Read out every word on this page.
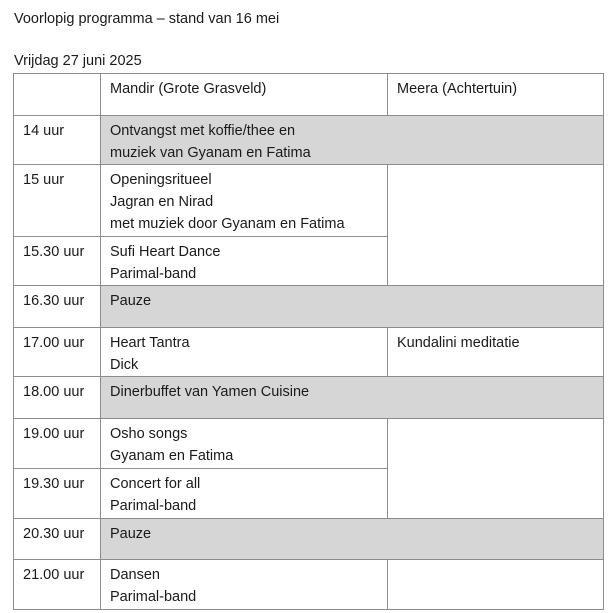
Voorlopig programma – stand van 16 mei
Vrijdag 27 juni 2025
	Mandir (Grote Grasveld)	Meera (Achtertuin)
14 uur	Ontvangst met koffie/thee en
muziek van Gyanam en Fatima	

15 uur	Openingsritueel
Jagran en Nirad
met muziek door Gyanam en Fatima	

15.30 uur	Sufi Heart Dance
Parimal-band	

16.30 uur	Pauze	

17.00 uur	Heart Tantra
Dick	Kundalini meditatie
18.00 uur	Dinerbuffet van Yamen Cuisine	

19.00 uur	Osho songs
Gyanam en Fatima	

19.30 uur	Concert for all
Parimal-band	

20.30 uur	Pauze	

21.00 uur	Dansen
Parimal-band	
